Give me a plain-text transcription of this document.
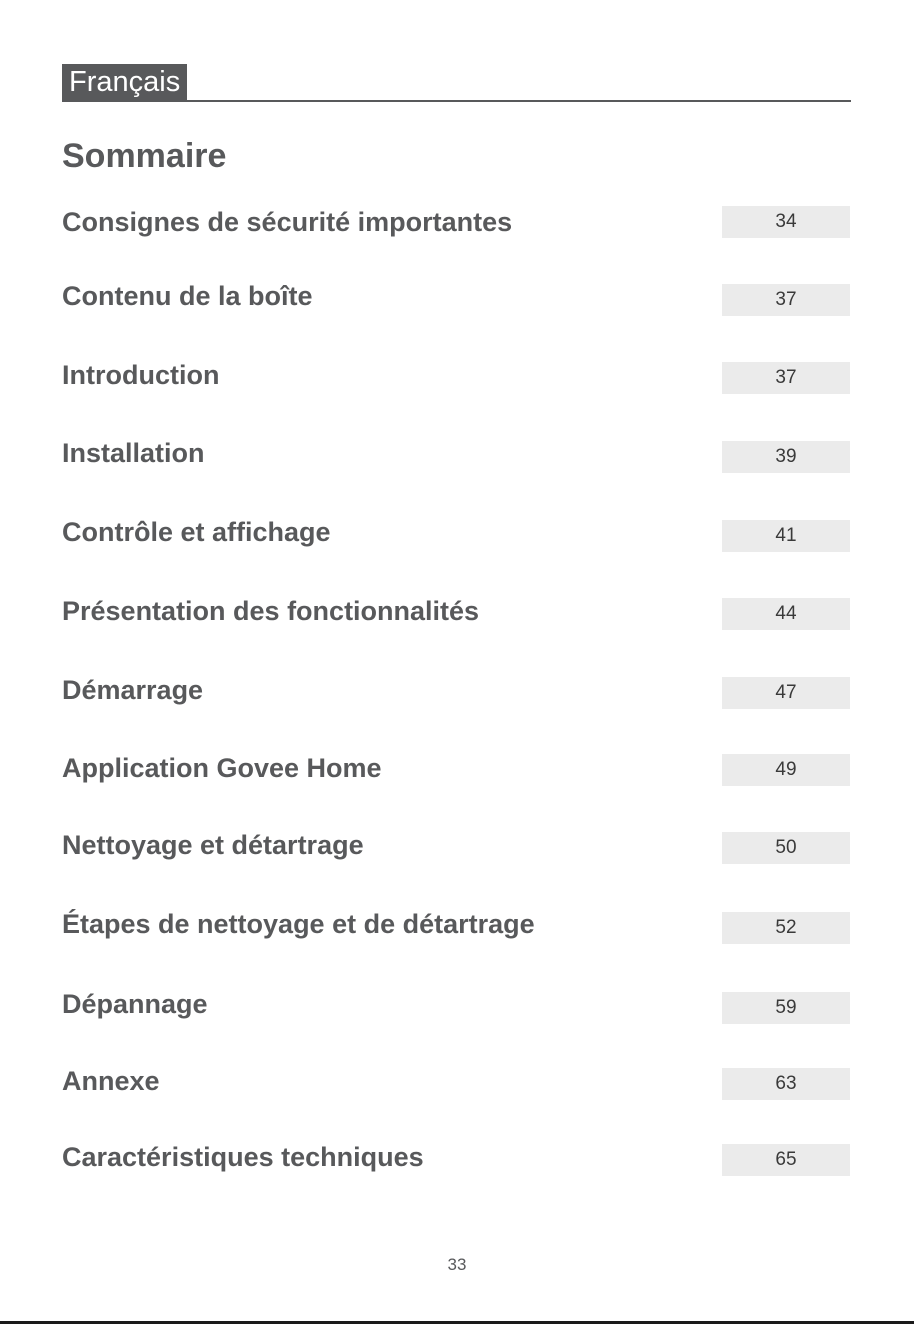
Français
Sommaire
Consignes de sécurité importantes	34
Contenu de la boîte	37
Introduction	37
Installation	39
Contrôle et affichage	41
Présentation des fonctionnalités	44
Démarrage	47
Application Govee Home	49
Nettoyage et détartrage	50
Étapes de nettoyage et de détartrage	52
Dépannage	59
Annexe	63
Caractéristiques techniques	65
33
